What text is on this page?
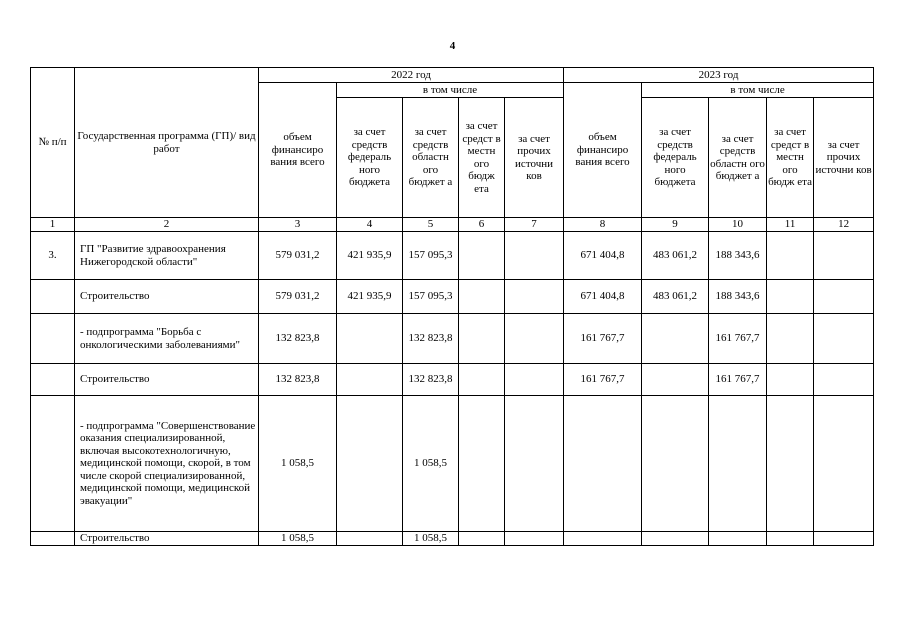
4
№ п/п	Государственная программа (ГП)/ вид работ	2022 год					2023 год				
		объем финансиро вания всего	в том числе				объем финансиро вания всего	в том числе			
			за счет средств федераль ного бюджета	за счет средств областн ого бюджет а	за счет средст в местн ого бюдж ета	за счет прочих источни ков		за счет средств федераль ного бюджета	за счет средств областн ого бюджет а	за счет средст в местн ого бюдж ета	за счет прочих источни ков
1	2	3	4	5	6	7	8	9	10	11	12
3.	ГП "Развитие здравоохранения Нижегородской области"	579 031,2	421 935,9	157 095,3			671 404,8	483 061,2	188 343,6		
	Строительство	579 031,2	421 935,9	157 095,3			671 404,8	483 061,2	188 343,6		
	- подпрограмма "Борьба с онкологическими заболеваниями"	132 823,8		132 823,8			161 767,7		161 767,7		
	Строительство	132 823,8		132 823,8			161 767,7		161 767,7		
	- подпрограмма "Совершенствование оказания специализированной, включая высокотехнологичную, медицинской помощи, скорой, в том числе скорой специализированной, медицинской помощи, медицинской эвакуации"	1 058,5		1 058,5							
	Строительство	1 058,5		1 058,5							
